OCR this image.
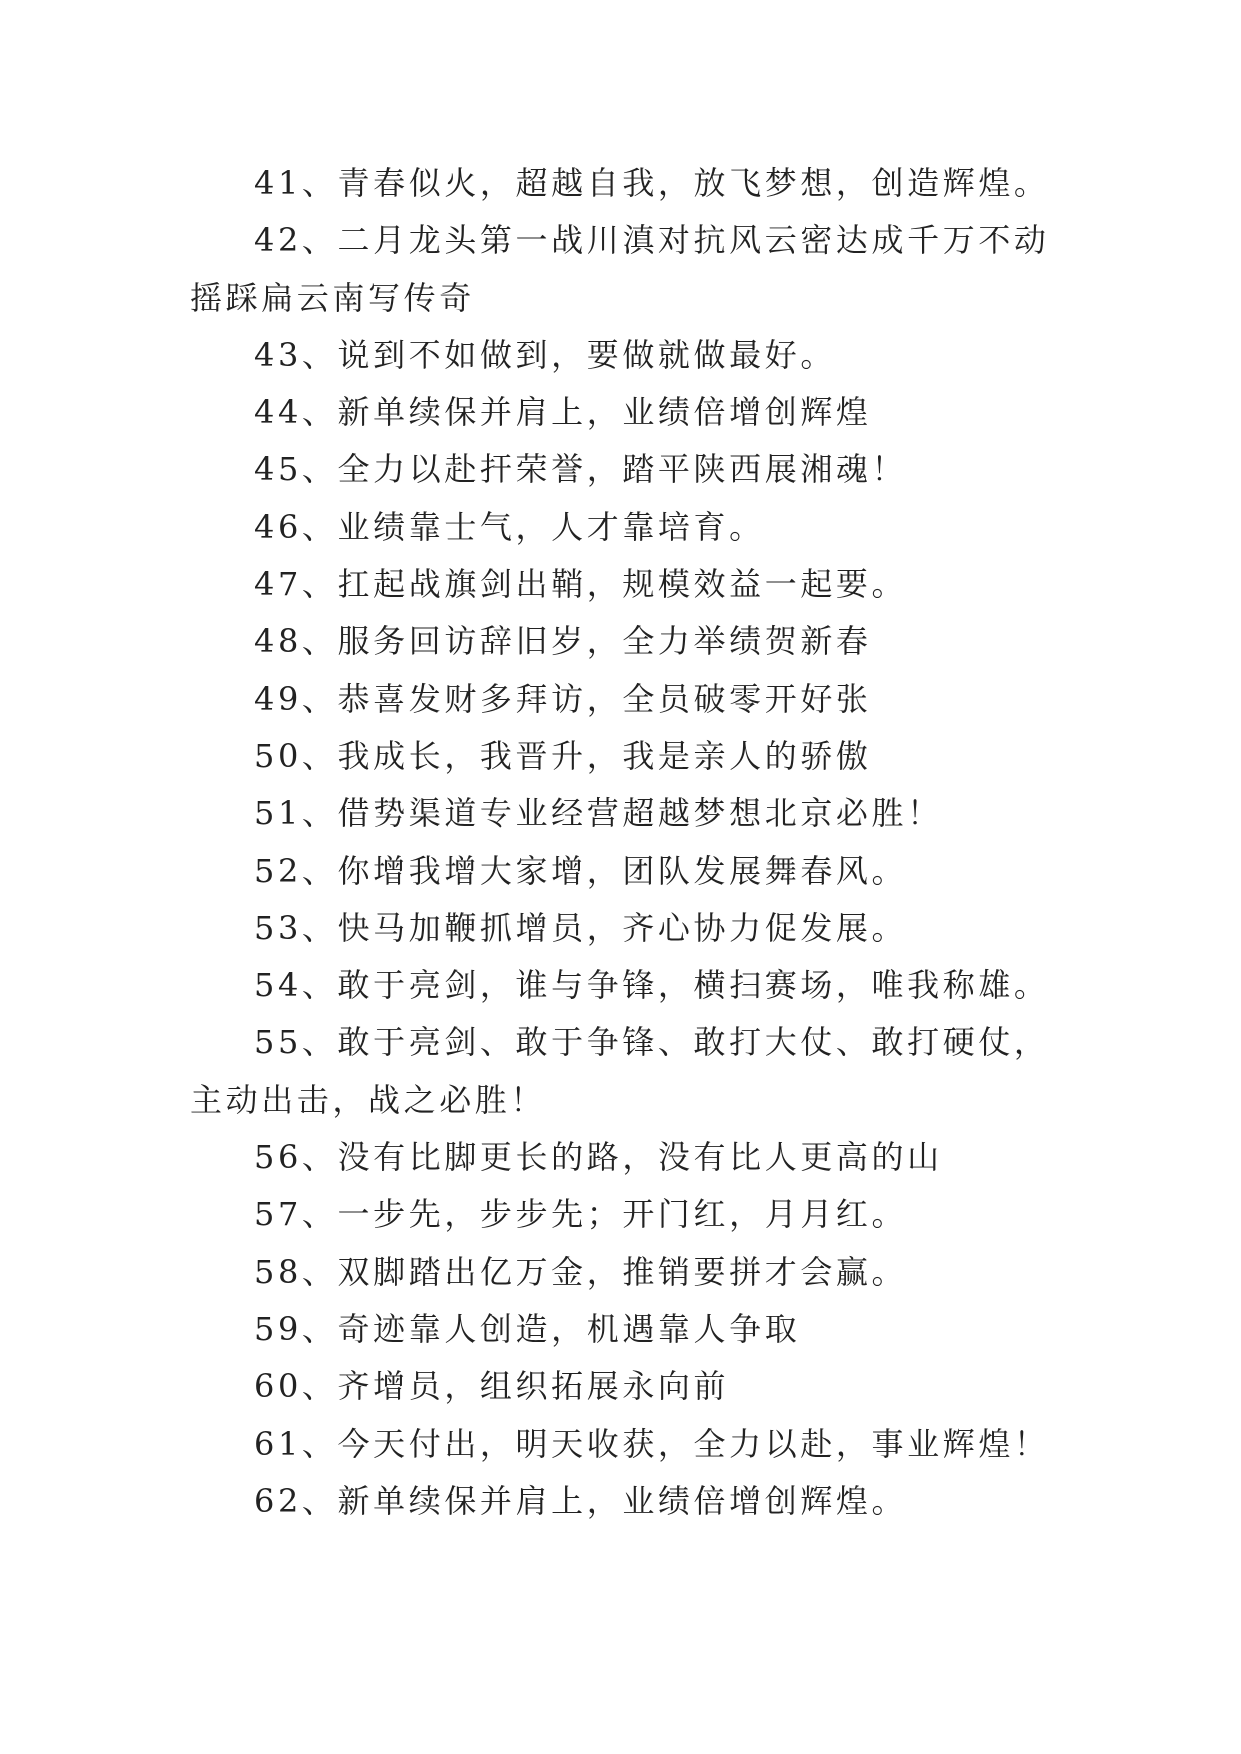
41、青春似火，超越自我，放飞梦想，创造辉煌。

42、二月龙头第一战川滇对抗风云密达成千万不动摇踩扁云南写传奇

43、说到不如做到，要做就做最好。

44、新单续保并肩上，业绩倍增创辉煌

45、全力以赴扞荣誉，踏平陕西展湘魂！

46、业绩靠士气，人才靠培育。

47、扛起战旗剑出鞘，规模效益一起要。

48、服务回访辞旧岁，全力举绩贺新春

49、恭喜发财多拜访，全员破零开好张

50、我成长，我晋升，我是亲人的骄傲

51、借势渠道专业经营超越梦想北京必胜！

52、你增我增大家增，团队发展舞春风。

53、快马加鞭抓增员，齐心协力促发展。

54、敢于亮剑，谁与争锋，横扫赛场，唯我称雄。

55、敢于亮剑、敢于争锋、敢打大仗、敢打硬仗，主动出击，战之必胜！

56、没有比脚更长的路，没有比人更高的山

57、一步先，步步先；开门红，月月红。

58、双脚踏出亿万金，推销要拼才会赢。

59、奇迹靠人创造，机遇靠人争取

60、齐增员，组织拓展永向前

61、今天付出，明天收获，全力以赴，事业辉煌！

62、新单续保并肩上，业绩倍增创辉煌。
